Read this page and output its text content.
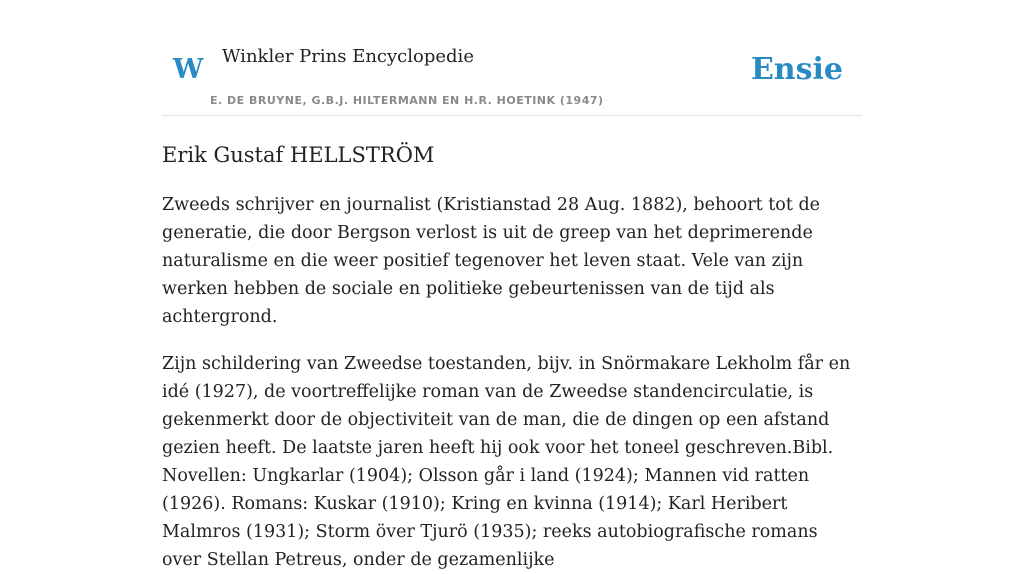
W Winkler Prins Encyclopedie
E. DE BRUYNE, G.B.J. HILTERMANN EN H.R. HOETINK (1947)
Ensie
Erik Gustaf HELLSTRÖM

Zweeds schrijver en journalist (Kristianstad 28 Aug. 1882), behoort tot de generatie, die door Bergson verlost is uit de greep van het deprimerende naturalisme en die weer positief tegenover het leven staat. Vele van zijn werken hebben de sociale en politieke gebeurtenissen van de tijd als achtergrond.

Zijn schildering van Zweedse toestanden, bijv. in Snörmakare Lekholm får en idé (1927), de voortreffelijke roman van de Zweedse standencirculatie, is gekenmerkt door de objectiviteit van de man, die de dingen op een afstand gezien heeft. De laatste jaren heeft hij ook voor het toneel geschreven.Bibl. Novellen: Ungkarlar (1904); Olsson går i land (1924); Mannen vid ratten (1926). Romans: Kuskar (1910); Kring en kvinna (1914); Karl Heribert Malmros (1931); Storm över Tjurö (1935); reeks autobiografische romans over Stellan Petreus, onder de gezamenlijke
